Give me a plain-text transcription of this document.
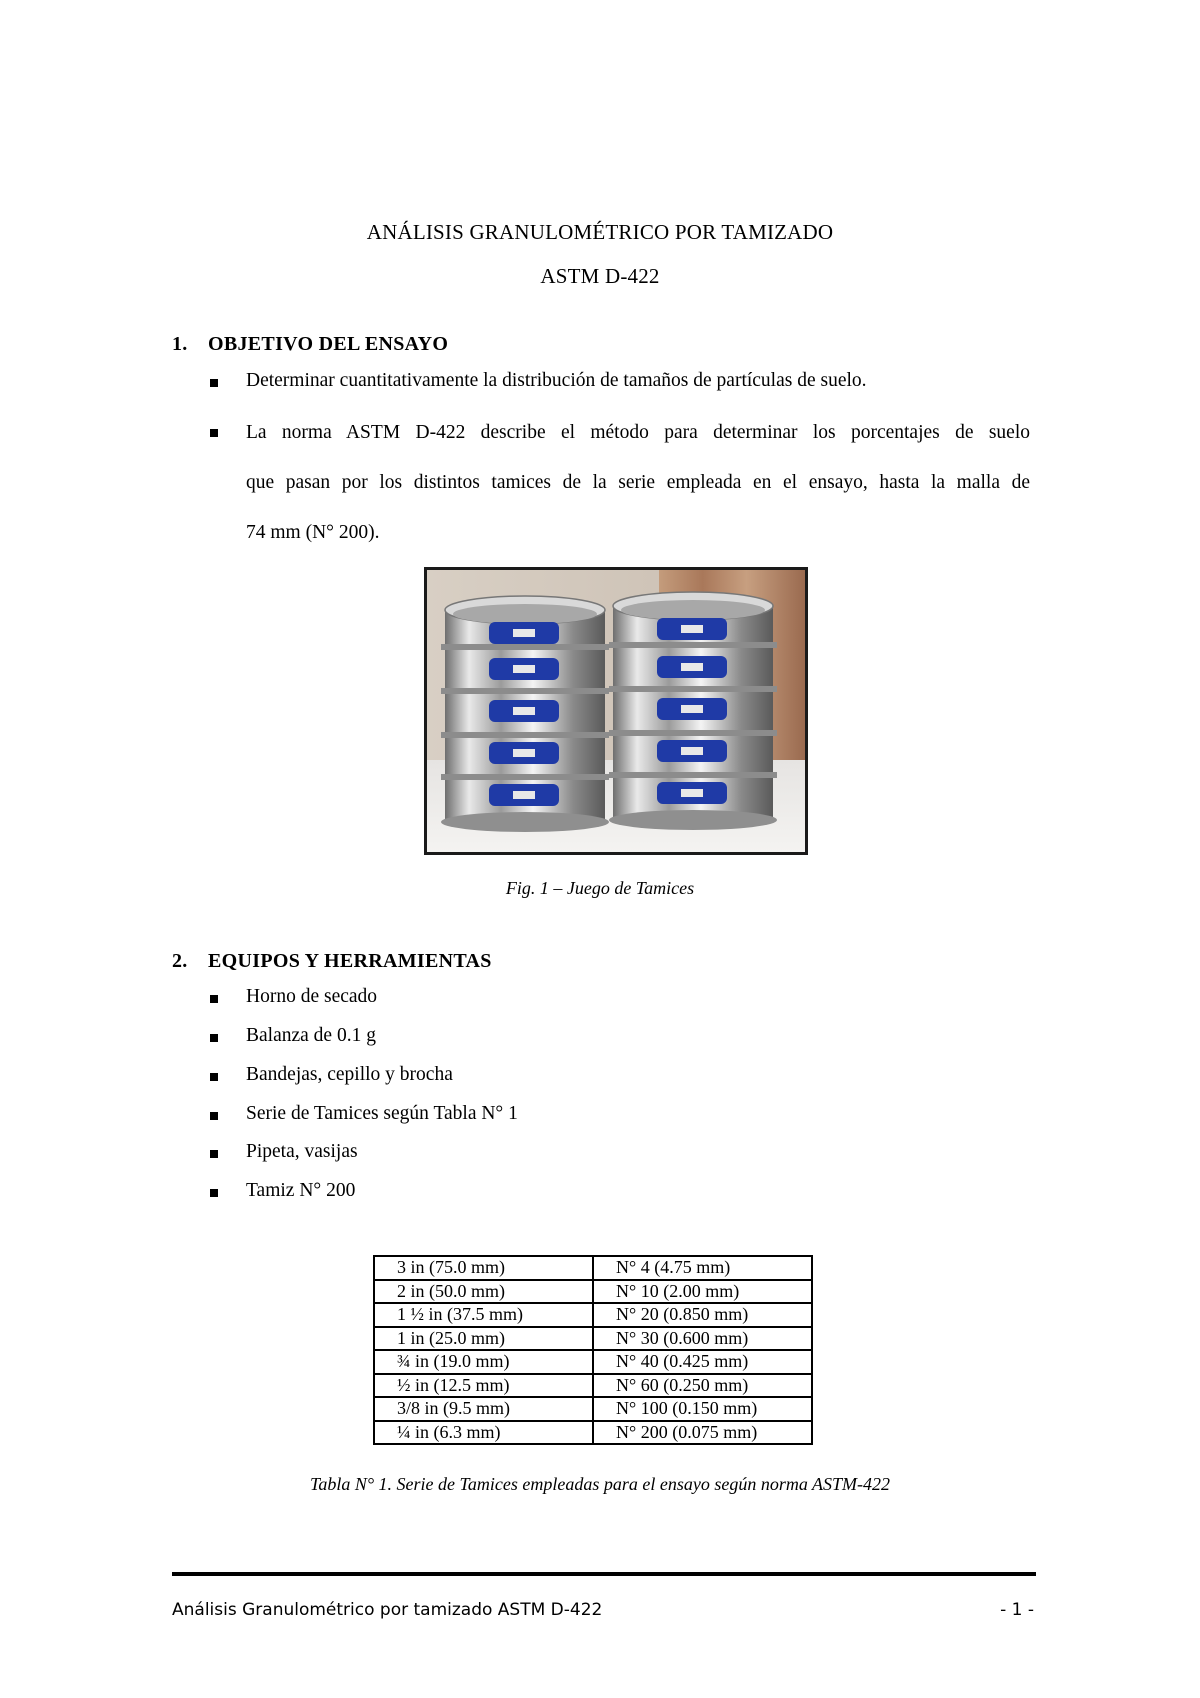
ANÁLISIS GRANULOMÉTRICO POR TAMIZADO
ASTM D-422
1. OBJETIVO DEL ENSAYO
Determinar cuantitativamente la distribución de tamaños de partículas de suelo.
La norma ASTM D-422 describe el método para determinar los porcentajes de suelo
que pasan por los distintos tamices de la serie empleada en el ensayo, hasta la malla de
74 mm (N° 200).
Fig. 1 – Juego de Tamices
2. EQUIPOS Y HERRAMIENTAS
Horno de secado
Balanza de 0.1 g
Bandejas, cepillo y brocha
Serie de Tamices según Tabla N° 1
Pipeta, vasijas
Tamiz N° 200
3 in (75.0 mm)	N° 4 (4.75 mm)
2 in (50.0 mm)	N° 10 (2.00 mm)
1 ½ in (37.5 mm)	N° 20 (0.850 mm)
1 in (25.0 mm)	N° 30 (0.600 mm)
¾ in (19.0 mm)	N° 40 (0.425 mm)
½ in (12.5 mm)	N° 60 (0.250 mm)
3/8 in (9.5 mm)	N° 100 (0.150 mm)
¼ in (6.3 mm)	N° 200 (0.075 mm)
Tabla N° 1. Serie de Tamices empleadas para el ensayo según norma ASTM-422
Análisis Granulométrico por tamizado ASTM D-422	- 1 -
